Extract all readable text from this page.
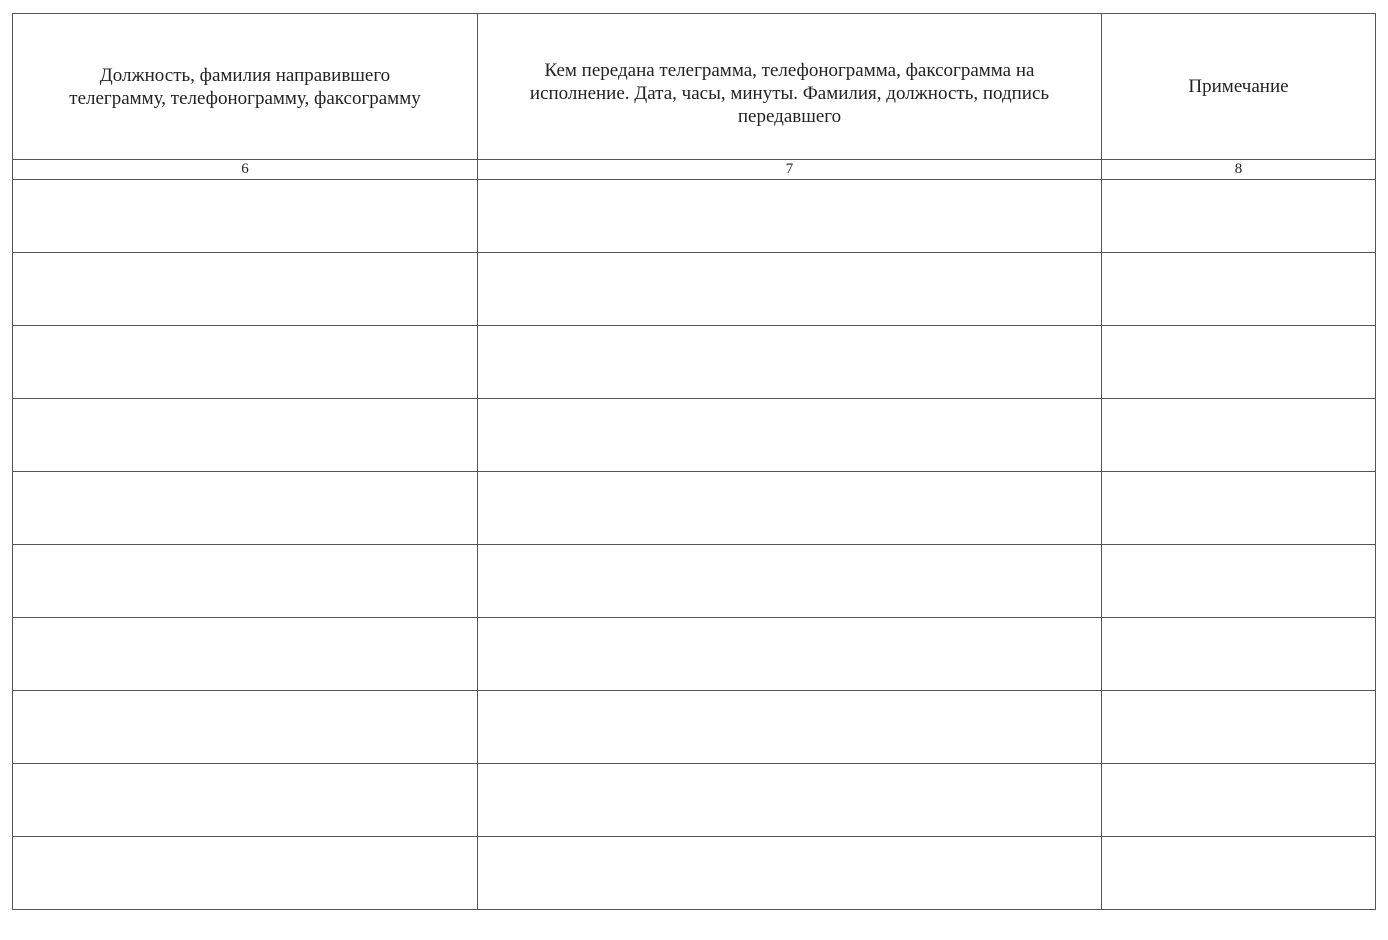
Должность, фамилия направившего телеграмму, телефонограмму, факсограмму	Кем передана телеграмма, телефонограмма, факсограмма на исполнение. Дата, часы, минуты. Фамилия, должность, подпись передавшего	Примечание
6	7	8
